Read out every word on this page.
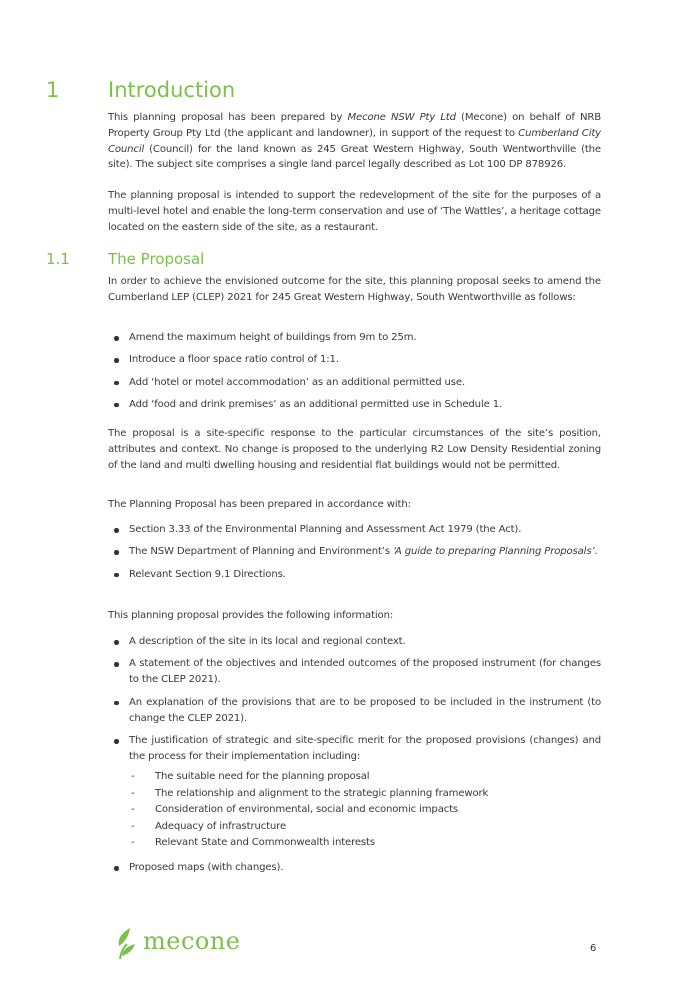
1 Introduction
This planning proposal has been prepared by Mecone NSW Pty Ltd (Mecone) on behalf of NRB Property Group Pty Ltd (the applicant and landowner), in support of the request to Cumberland City Council (Council) for the land known as 245 Great Western Highway, South Wentworthville (the site). The subject site comprises a single land parcel legally described as Lot 100 DP 878926.
The planning proposal is intended to support the redevelopment of the site for the purposes of a multi-level hotel and enable the long-term conservation and use of ‘The Wattles’, a heritage cottage located on the eastern side of the site, as a restaurant.
1.1	The Proposal
In order to achieve the envisioned outcome for the site, this planning proposal seeks to amend the Cumberland LEP (CLEP) 2021 for 245 Great Western Highway, South Wentworthville as follows:
Amend the maximum height of buildings from 9m to 25m.
Introduce a floor space ratio control of 1:1.
Add ‘hotel or motel accommodation’ as an additional permitted use.
Add ‘food and drink premises’ as an additional permitted use in Schedule 1.
The proposal is a site-specific response to the particular circumstances of the site’s position, attributes and context. No change is proposed to the underlying R2 Low Density Residential zoning of the land and multi dwelling housing and residential flat buildings would not be permitted.
The Planning Proposal has been prepared in accordance with:
Section 3.33 of the Environmental Planning and Assessment Act 1979 (the Act).
The NSW Department of Planning and Environment’s ‘A guide to preparing Planning Proposals’.
Relevant Section 9.1 Directions.
This planning proposal provides the following information:
A description of the site in its local and regional context.
A statement of the objectives and intended outcomes of the proposed instrument (for changes to the CLEP 2021).
An explanation of the provisions that are to be proposed to be included in the instrument (to change the CLEP 2021).
The justification of strategic and site-specific merit for the proposed provisions (changes) and the process for their implementation including:
- The suitable need for the planning proposal
- The relationship and alignment to the strategic planning framework
- Consideration of environmental, social and economic impacts
- Adequacy of infrastructure
- Relevant State and Commonwealth interests
Proposed maps (with changes).
mecone	6
